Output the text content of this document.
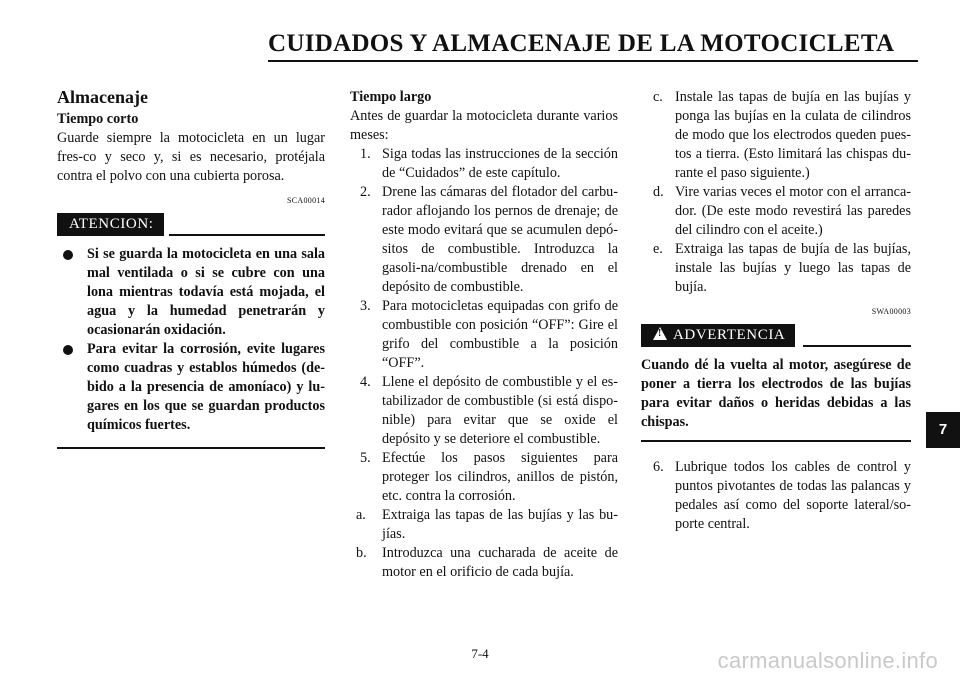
CUIDADOS Y ALMACENAJE DE LA MOTOCICLETA
Almacenaje
Tiempo corto
Guarde siempre la motocicleta en un lugar fres-co y seco y, si es necesario, protéjala contra el polvo con una cubierta porosa.
SCA00014
ATENCION:
Si se guarda la motocicleta en una sala mal ventilada o si se cubre con una lona mientras todavía está mojada, el agua y la humedad penetrarán y ocasionarán oxidación.
Para evitar la corrosión, evite lugares como cuadras y establos húmedos (de-bido a la presencia de amoníaco) y lu-gares en los que se guardan productos químicos fuertes.
Tiempo largo
Antes de guardar la motocicleta durante varios meses:
1. Siga todas las instrucciones de la sección de “Cuidados” de este capítulo.
2. Drene las cámaras del flotador del carbu-rador aflojando los pernos de drenaje; de este modo evitará que se acumulen depó-sitos de combustible. Introduzca la gasoli-na/combustible drenado en el depósito de combustible.
3. Para motocicletas equipadas con grifo de combustible con posición “OFF”: Gire el grifo del combustible a la posición “OFF”.
4. Llene el depósito de combustible y el es-tabilizador de combustible (si está dispo-nible) para evitar que se oxide el depósito y se deteriore el combustible.
5. Efectúe los pasos siguientes para proteger los cilindros, anillos de pistón, etc. contra la corrosión.
a. Extraiga las tapas de las bujías y las bu-jías.
b. Introduzca una cucharada de aceite de motor en el orificio de cada bujía.
c. Instale las tapas de bujía en las bujías y ponga las bujías en la culata de cilindros de modo que los electrodos queden pues-tos a tierra. (Esto limitará las chispas du-rante el paso siguiente.)
d. Vire varias veces el motor con el arranca-dor. (De este modo revestirá las paredes del cilindro con el aceite.)
e. Extraiga las tapas de bujía de las bujías, instale las bujías y luego las tapas de bujía.
SWA00003
! ADVERTENCIA
Cuando dé la vuelta al motor, asegúrese de poner a tierra los electrodos de las bujías para evitar daños o heridas debidas a las chispas.
6. Lubrique todos los cables de control y puntos pivotantes de todas las palancas y pedales así como del soporte lateral/so-porte central.
7
7-4	carmanualsonline.info
